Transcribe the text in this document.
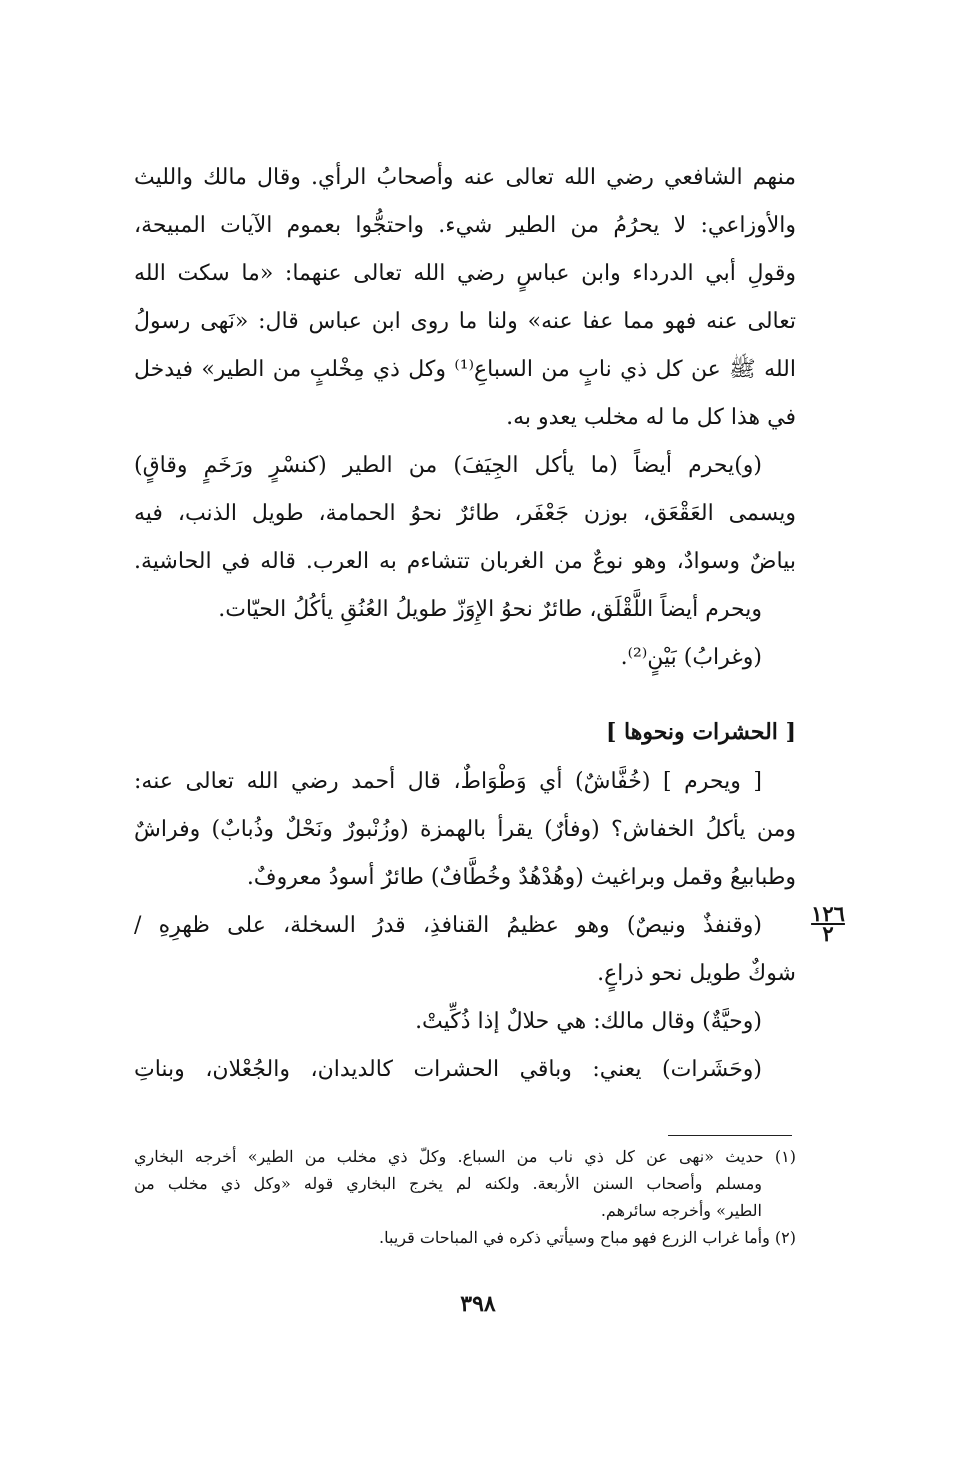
منهم الشافعي رضي الله تعالى عنه وأصحابُ الرأي. وقال مالك والليث
والأوزاعي: لا يحرُمُ من الطير شيء. واحتجُّوا بعموم الآيات المبيحة،
وقولِ أبي الدرداء وابن عباسٍ رضي الله تعالى عنهما: «ما سكت الله
تعالى عنه فهو مما عفا عنه» ولنا ما روى ابن عباس قال: «نَهى رسولُ
الله ﷺ عن كل ذي نابٍ من السباعِ⁽¹⁾ وكل ذي مِخْلبٍ من الطير» فيدخل
في هذا كل ما له مخلب يعدو به.
(و)يحرم أيضاً (ما يأكل الجِيَفَ) من الطير (كنسْرٍ ورَخَمٍ وقاقٍ)
ويسمى العَقْعَق، بوزن جَعْفَر، طائرٌ نحوُ الحمامة، طويل الذنب، فيه
بياضٌ وسوادٌ، وهو نوعٌ من الغربان تتشاءم به العرب. قاله في الحاشية.
ويحرم أيضاً اللَّقْلَق، طائرٌ نحوُ الإِوَزّ طويلُ العُنُقِ يأكُلُ الحيّات.
(وغرابُ) بَيْنٍ⁽²⁾.
[ الحشرات ونحوها ]
[ ويحرم ] (خُفَّاشٌ) أي وَطْوَاطٌ، قال أحمد رضي الله تعالى عنه:
ومن يأكلُ الخفاش؟ (وفأرٌ) يقرأ بالهمزة (وزُنْبورٌ ونَحْلٌ وذُبابٌ) وفراشٌ
وطبابيعُ وقمل وبراغيث (وهُدْهُدٌ وخُطَّافٌ) طائرٌ أسودُ معروفٌ.
(وقنفذٌ ونيصٌ) وهو عظيمُ القنافذِ، قدرُ السخلة، على ظهرِهِ /
شوكٌ طويل نحو ذراعٍ.
(وحيَّةٌ) وقال مالك: هي حلالٌ إذا ذُكِّيتْ.
(وحَشَرات) يعني: وباقي الحشرات كالديدان، والجُعْلان، وبناتِ
١٢٦
٢
(١) حديث «نهى عن كل ذي ناب من السباع. وكلّ ذي مخلب من الطير» أخرجه البخاري
ومسلم وأصحاب السنن الأربعة. ولكنه لم يخرج البخاري قوله «وكل ذي مخلب من
الطير» وأخرجه سائرهم.
(٢) وأما غراب الزرع فهو مباح وسيأتي ذكره في المباحات قريبا.
٣٩٨
